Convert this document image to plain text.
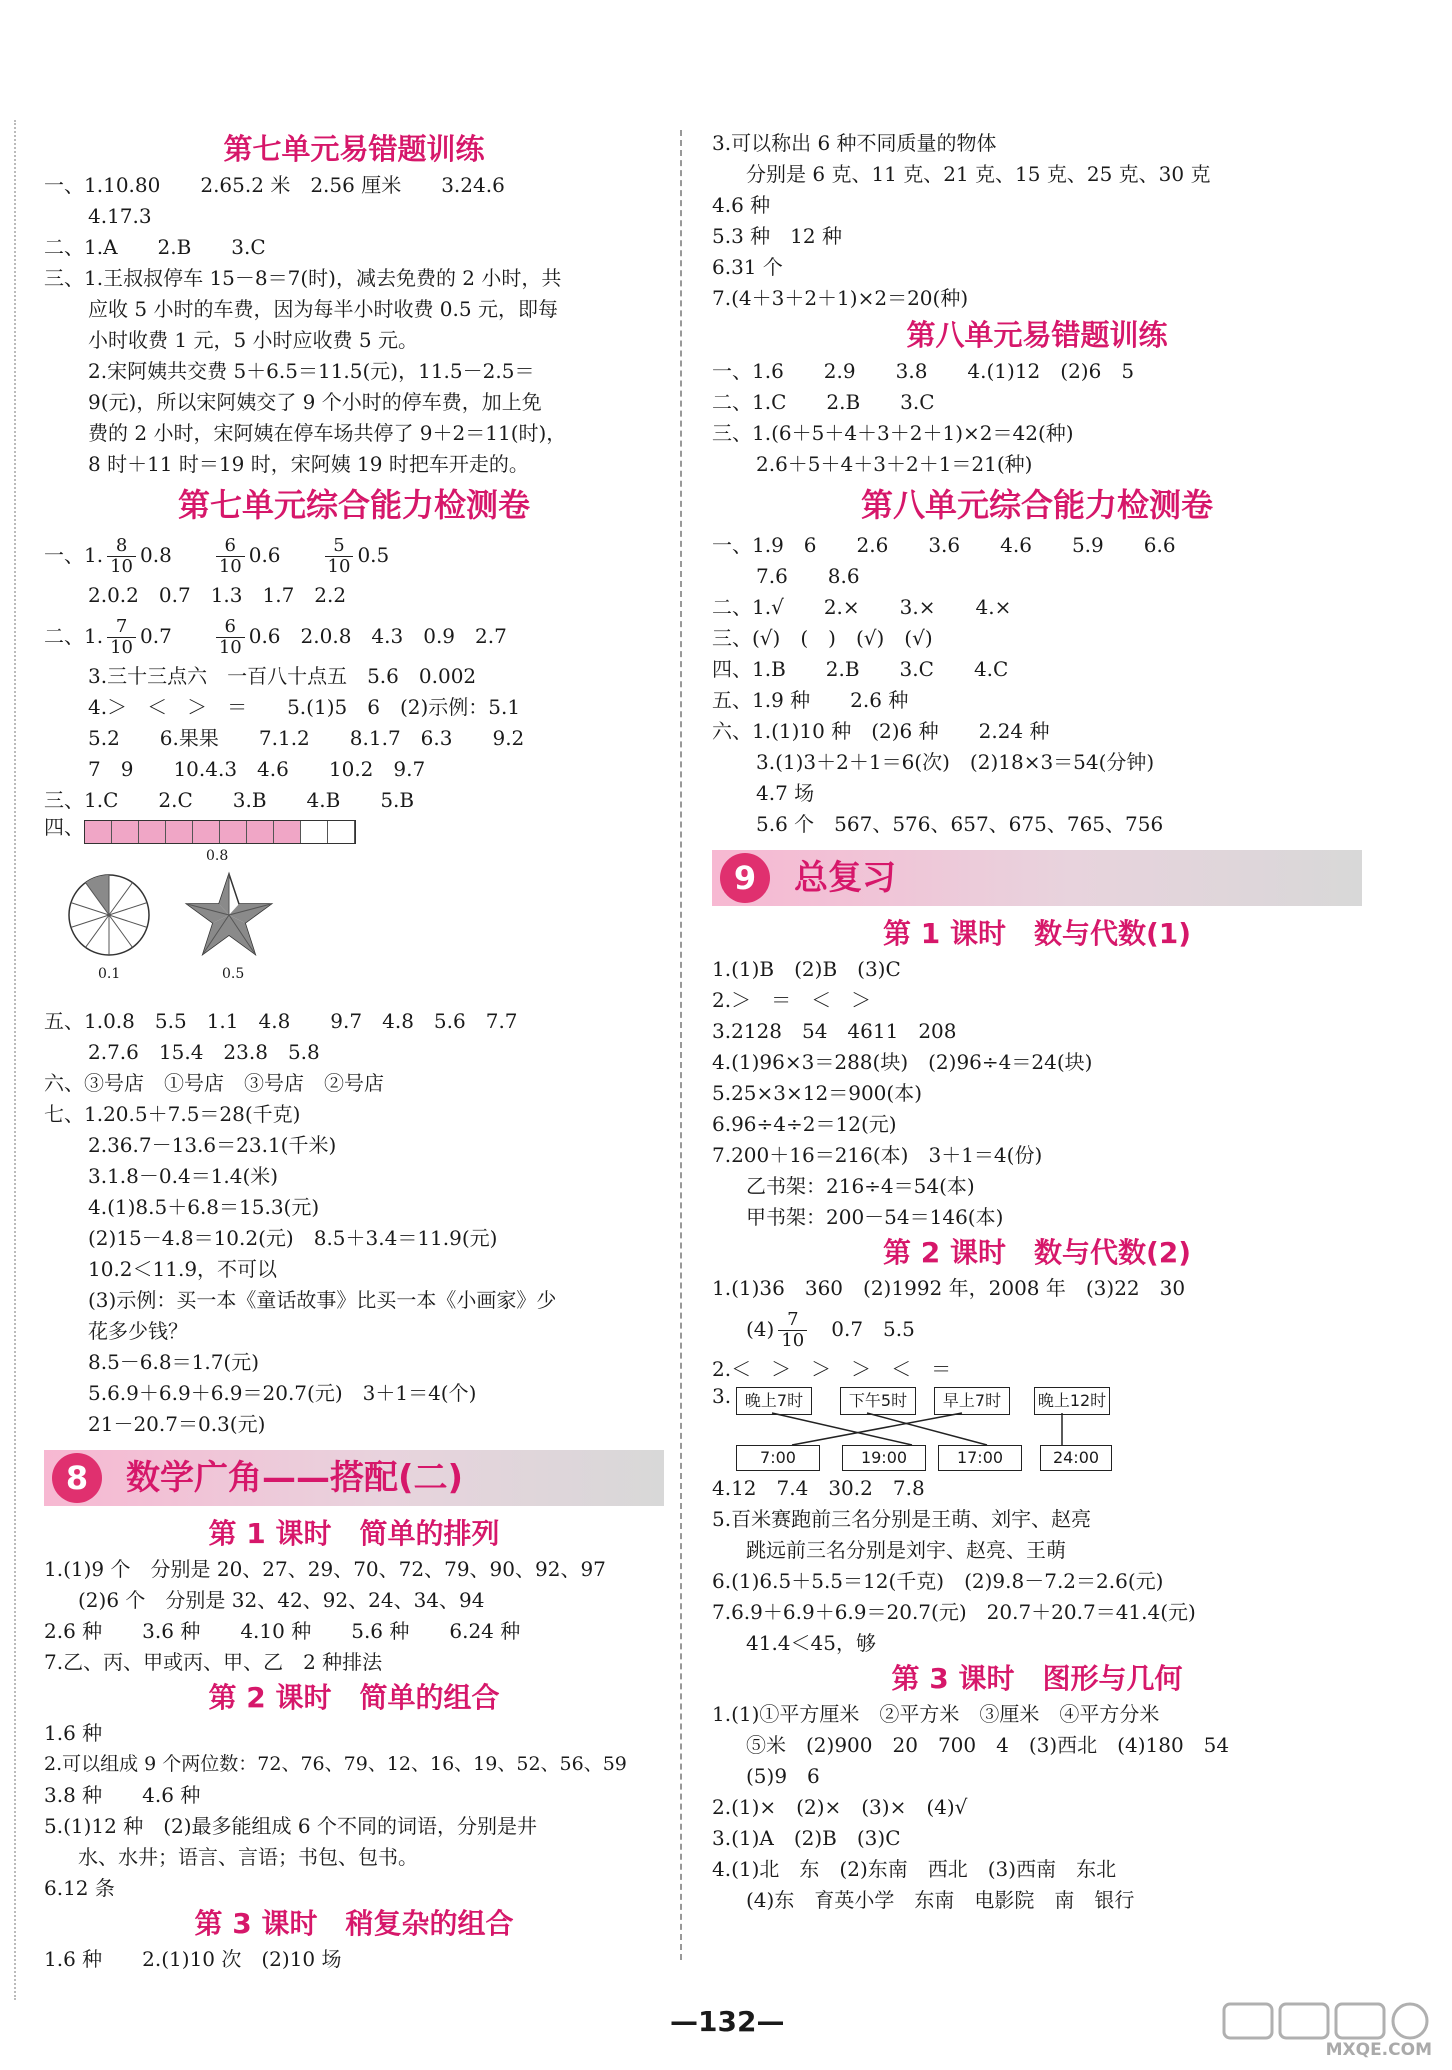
第七单元易错题训练
一、1.10.80　　2.65.2 米　2.56 厘米　　3.24.6
4.17.3
二、1.A　　2.B　　3.C
三、1.王叔叔停车 15－8＝7(时)，减去免费的 2 小时，共
应收 5 小时的车费，因为每半小时收费 0.5 元，即每
小时收费 1 元，5 小时应收费 5 元。
2.宋阿姨共交费 5＋6.5＝11.5(元)，11.5－2.5＝
9(元)，所以宋阿姨交了 9 个小时的停车费，加上免
费的 2 小时，宋阿姨在停车场共停了 9＋2＝11(时)，
8 时＋11 时＝19 时，宋阿姨 19 时把车开走的。
第七单元综合能力检测卷
一、1. $\frac{8}{10} 0.8$　　 $\frac{6}{10} 0.6$　　 $\frac{5}{10} 0.5$
2.0.2　0.7　1.3　1.7　2.2
二、1. $\frac{7}{10} 0.7$　　 $\frac{6}{10} 0.6$　2.0.8　4.3　0.9　2.7
3.三十三点六　一百八十点五　5.6　0.002
4.＞　＜　＞　＝　　5.(1)5　6　(2)示例：5.1
5.2　　6.果果　　7.1.2　　8.1.7　6.3　　9.2
7　9　　10.4.3　4.6　　10.2　9.7
三、1.C　　2.C　　3.B　　4.B　　5.B
四、
0.8
0.1	0.5
五、1.0.8　5.5　1.1　4.8　　9.7　4.8　5.6　7.7
2.7.6　15.4　23.8　5.8
六、③号店　①号店　③号店　②号店
七、1.20.5＋7.5＝28(千克)
2.36.7－13.6＝23.1(千米)
3.1.8－0.4＝1.4(米)
4.(1)8.5＋6.8＝15.3(元)
(2)15－4.8＝10.2(元)　8.5＋3.4＝11.9(元)
10.2＜11.9，不可以
(3)示例：买一本《童话故事》比买一本《小画家》少
花多少钱？
8.5－6.8＝1.7(元)
5.6.9＋6.9＋6.9＝20.7(元)　3＋1＝4(个)
21－20.7＝0.3(元)
8	数学广角——搭配(二)
第 1 课时　简单的排列
1.(1)9 个　分别是 20、27、29、70、72、79、90、92、97
(2)6 个　分别是 32、42、92、24、34、94
2.6 种　　3.6 种　　4.10 种　　5.6 种　　6.24 种
7.乙、丙、甲或丙、甲、乙　2 种排法
第 2 课时　简单的组合
1.6 种
2.可以组成 9 个两位数：72、76、79、12、16、19、52、56、59
3.8 种　　4.6 种
5.(1)12 种　(2)最多能组成 6 个不同的词语，分别是井
水、水井；语言、言语；书包、包书。
6.12 条
第 3 课时　稍复杂的组合
1.6 种　　2.(1)10 次　(2)10 场
3.可以称出 6 种不同质量的物体
分别是 6 克、11 克、21 克、15 克、25 克、30 克
4.6 种
5.3 种　12 种
6.31 个
7.(4＋3＋2＋1)×2＝20(种)
第八单元易错题训练
一、1.6　　2.9　　3.8　　4.(1)12　(2)6　5
二、1.C　　2.B　　3.C
三、1.(6＋5＋4＋3＋2＋1)×2＝42(种)
2.6＋5＋4＋3＋2＋1＝21(种)
第八单元综合能力检测卷
一、1.9　6　　2.6　　3.6　　4.6　　5.9　　6.6
7.6　　8.6
二、1.√　　2.×　　3.×　　4.×
三、(√)　(　)　(√)　(√)
四、1.B　　2.B　　3.C　　4.C
五、1.9 种　　2.6 种
六、1.(1)10 种　(2)6 种　　2.24 种
3.(1)3＋2＋1＝6(次)　(2)18×3＝54(分钟)
4.7 场
5.6 个　567、576、657、675、765、756
9	总复习
第 1 课时　数与代数(1)
1.(1)B　(2)B　(3)C
2.＞　＝　＜　＞
3.2128　54　4611　208
4.(1)96×3＝288(块)　(2)96÷4＝24(块)
5.25×3×12＝900(本)
6.96÷4÷2＝12(元)
7.200＋16＝216(本)　3＋1＝4(份)
乙书架：216÷4＝54(本)
甲书架：200－54＝146(本)
第 2 课时　数与代数(2)
1.(1)36　360　(2)1992 年，2008 年　(3)22　30
$(4) \frac{7}{10}$ 　0.7　5.5
2.＜　＞　＞　＞　＜　＝
3. 晚上7时	下午5时	早上7时	晚上12时
7:00	19:00	17:00	24:00
4.12　7.4　30.2　7.8
5.百米赛跑前三名分别是王萌、刘宇、赵亮
跳远前三名分别是刘宇、赵亮、王萌
6.(1)6.5＋5.5＝12(千克)　(2)9.8－7.2＝2.6(元)
7.6.9＋6.9＋6.9＝20.7(元)　20.7＋20.7＝41.4(元)
41.4＜45，够
第 3 课时　图形与几何
1.(1)①平方厘米　②平方米　③厘米　④平方分米
⑤米　(2)900　20　700　4　(3)西北　(4)180　54
(5)9　6
2.(1)×　(2)×　(3)×　(4)√
3.(1)A　(2)B　(3)C
4.(1)北　东　(2)东南　西北　(3)西南　东北
(4)东　育英小学　东南　电影院　南　银行
—132—
MXQE.COM
